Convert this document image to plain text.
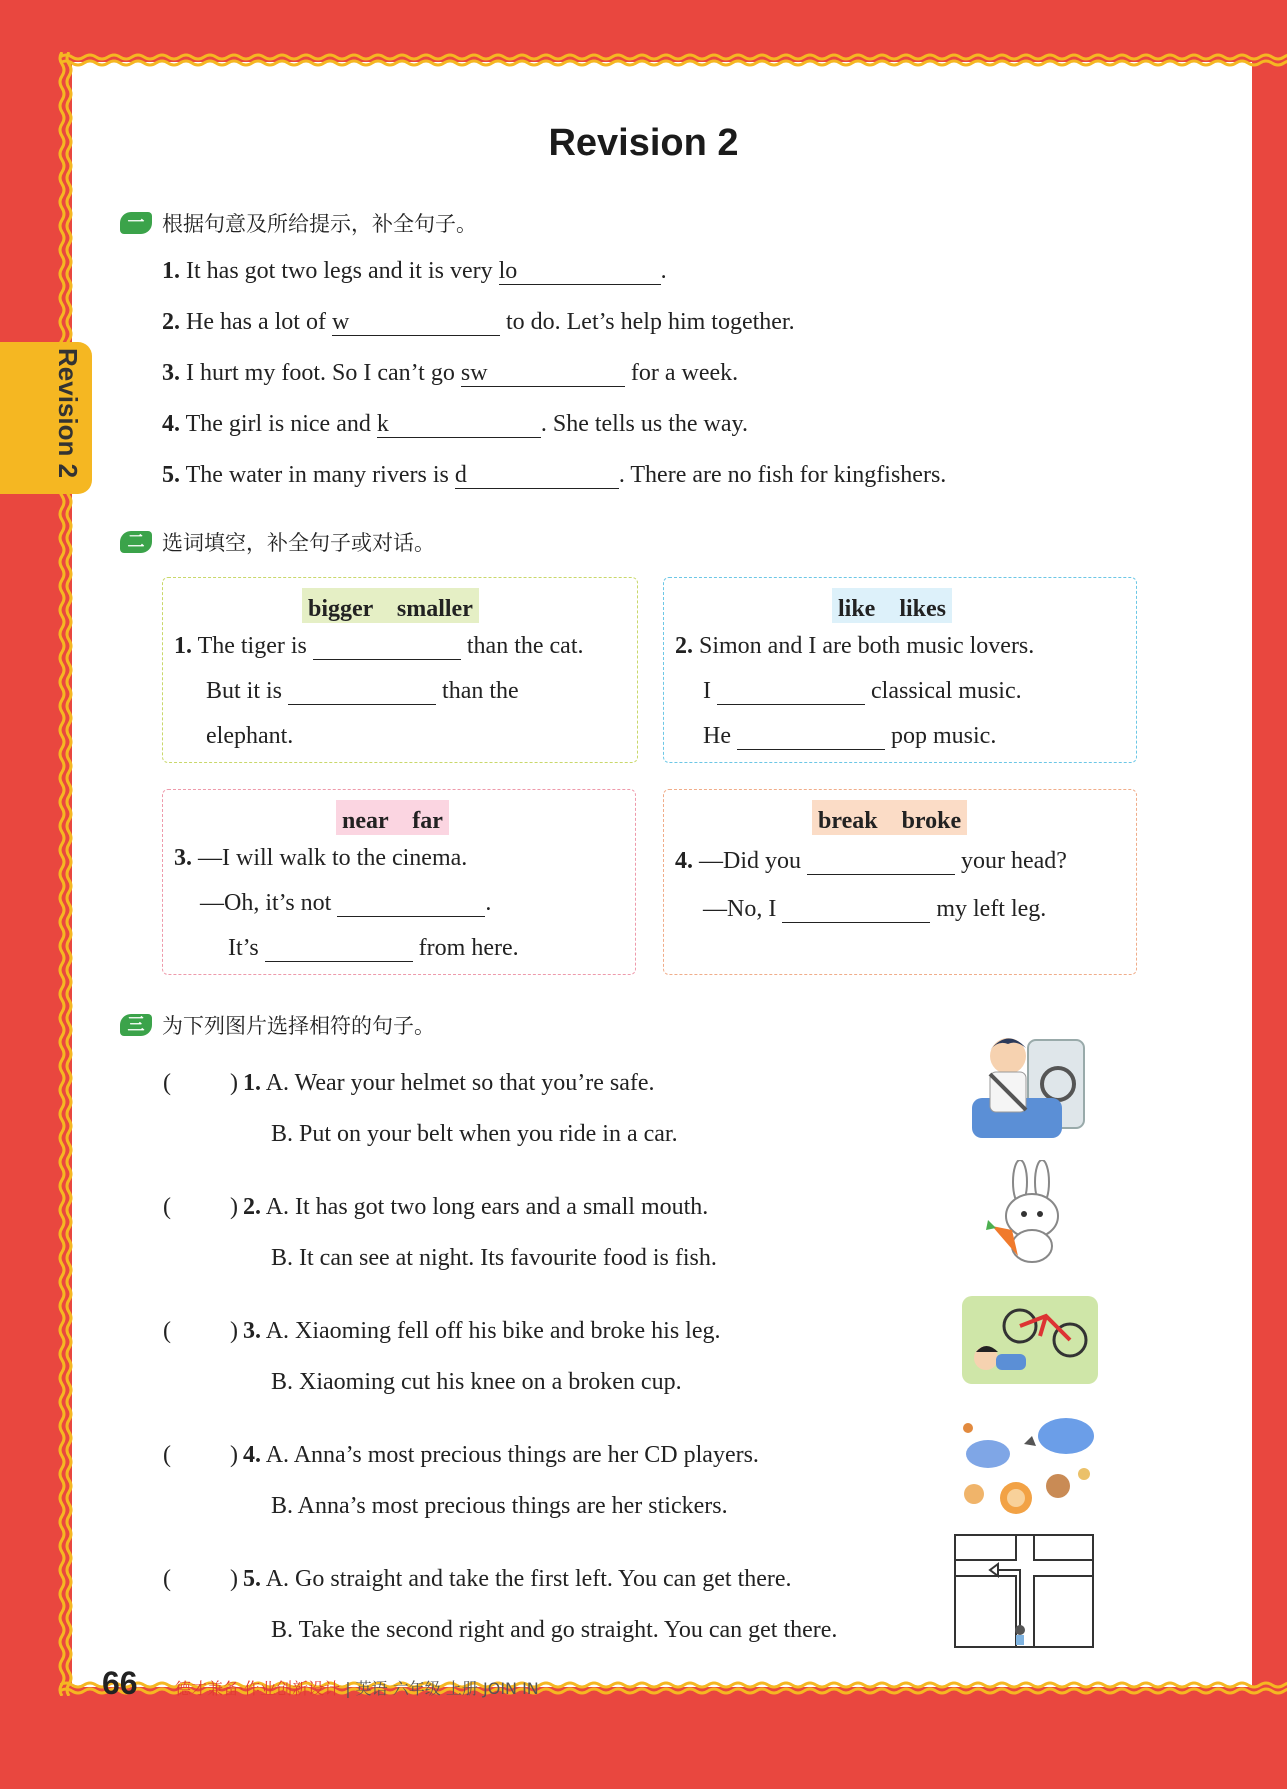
Revision 2
Revision 2
一 根据句意及所给提示，补全句子。
1. It has got two legs and it is very lo	.
2. He has a lot of w	to do. Let’s help him together.
3. I hurt my foot. So I can’t go sw	for a week.
4. The girl is nice and k	. She tells us the way.
5. The water in many rivers is d	. There are no fish for kingfishers.
二 选词填空，补全句子或对话。
bigger　smaller
1. The tiger is	than the cat.
But it is	than the
elephant.
like　likes
2. Simon and I are both music lovers.
I	classical music.
He	pop music.
near　far
3. —I will walk to the cinema.
—Oh, it’s not	.
It’s	from here.
break　broke
4. —Did you	your head?
—No, I	my left leg.
三 为下列图片选择相符的句子。
( ) 1. A. Wear your helmet so that you’re safe.
B. Put on your belt when you ride in a car.
( ) 2. A. It has got two long ears and a small mouth.
B. It can see at night. Its favourite food is fish.
( ) 3. A. Xiaoming fell off his bike and broke his leg.
B. Xiaoming cut his knee on a broken cup.
( ) 4. A. Anna’s most precious things are her CD players.
B. Anna’s most precious things are her stickers.
( ) 5. A. Go straight and take the first left. You can get there.
B. Take the second right and go straight. You can get there.
66 德才兼备·作业创新设计 | 英语 六年级 上册 JOIN IN
